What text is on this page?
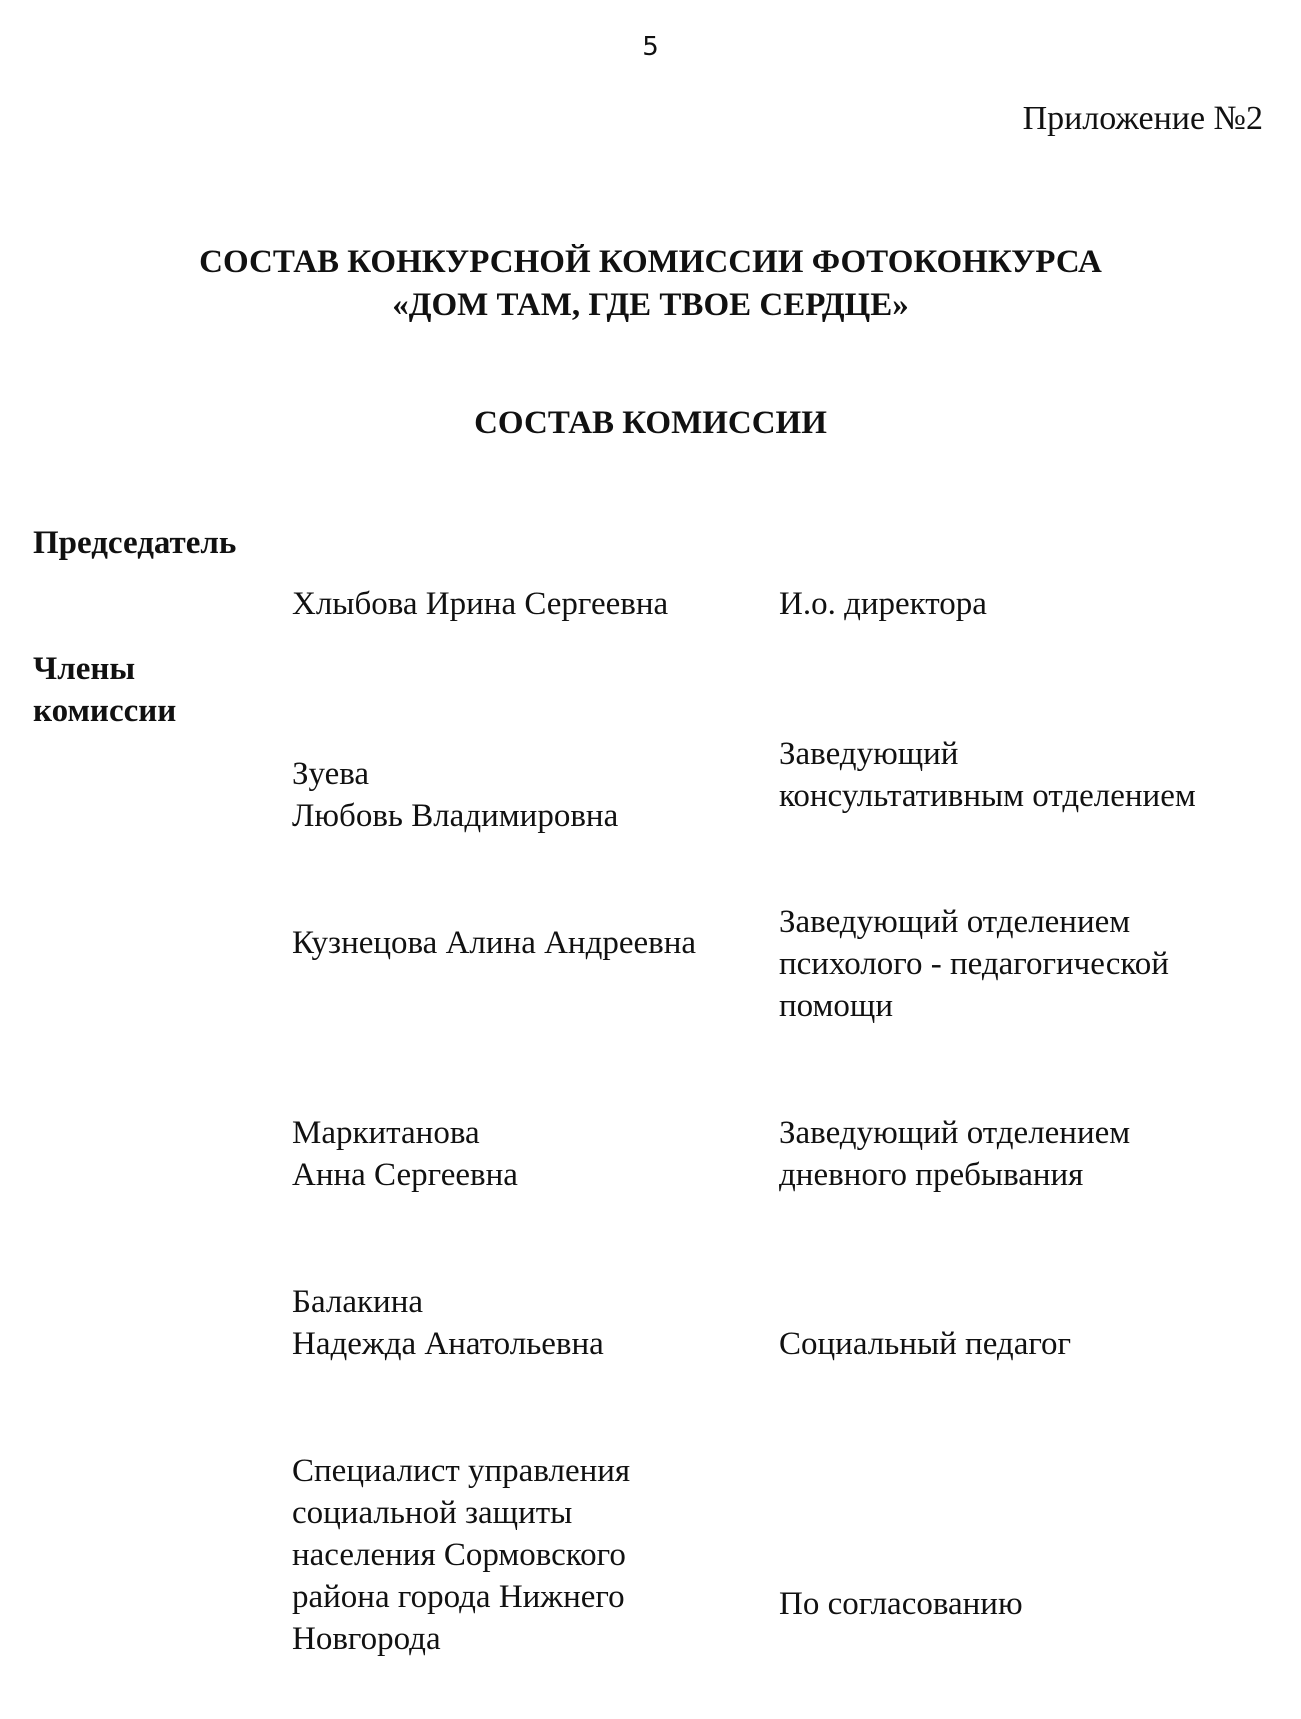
5
Приложение №2
СОСТАВ КОНКУРСНОЙ КОМИССИИ ФОТОКОНКУРСА
«ДОМ ТАМ, ГДЕ ТВОЕ СЕРДЦЕ»
СОСТАВ КОМИССИИ
Председатель
Хлыбова Ирина Сергеевна	И.о. директора
Члены
комиссии
Зуева
Любовь Владимировна
Заведующий
консультативным отделением
Кузнецова Алина Андреевна
Заведующий отделением
психолого - педагогической
помощи
Маркитанова
Анна Сергеевна
Заведующий отделением
дневного пребывания
Балакина
Надежда Анатольевна	Социальный педагог
Специалист управления
социальной защиты
населения Сормовского
района города Нижнего
Новгорода
По согласованию
